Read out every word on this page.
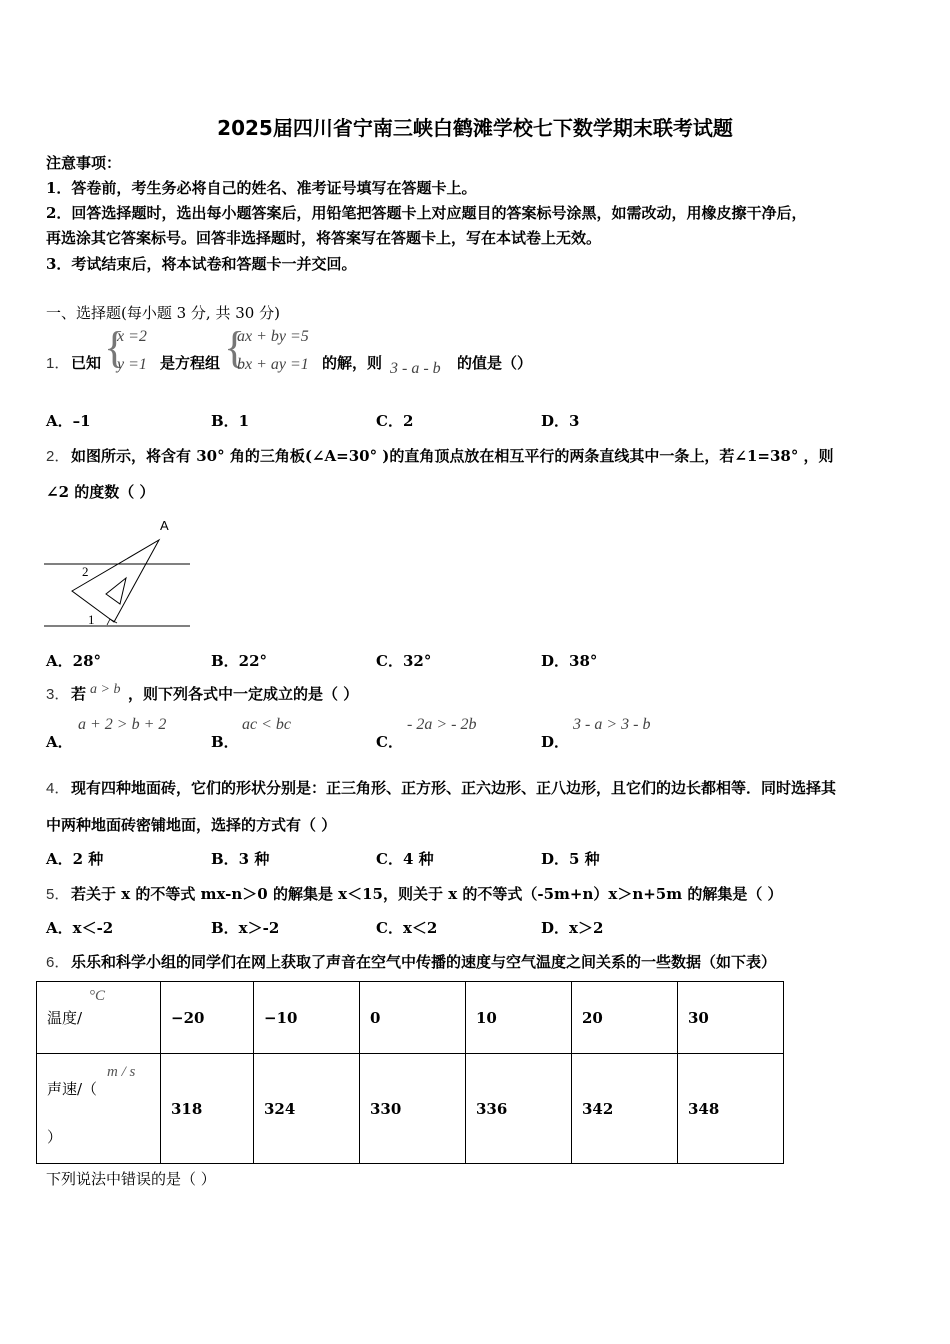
2025届四川省宁南三峡白鹤滩学校七下数学期末联考试题
注意事项：
1．答卷前，考生务必将自己的姓名、准考证号填写在答题卡上。
2．回答选择题时，选出每小题答案后，用铅笔把答题卡上对应题目的答案标号涂黑，如需改动，用橡皮擦干净后，
再选涂其它答案标号。回答非选择题时，将答案写在答题卡上，写在本试卷上无效。
3．考试结束后，将本试卷和答题卡一并交回。
一、选择题(每小题 3 分, 共 30 分)
1． 已知 {
x =2
y =1 是方程组 {
ax + by =5
bx + ay =1 的解，则 3 - a - b 的值是（）
A．–1	B．1	C．2	D．3
2． 如图所示，将含有 30° 角的三角板(∠A=30° )的直角顶点放在相互平行的两条直线其中一条上，若∠1=38° ，则
∠2 的度数（ ）
A
2
1
A．28°	B．22°	C．32°	D．38°
3． 若 a > b ，则下列各式中一定成立的是（ ）
A．
a + 2 > b + 2
B．
ac < bc
C．
- 2a > - 2b
D．
3 - a > 3 - b
4． 现有四种地面砖，它们的形状分别是：正三角形、正方形、正六边形、正八边形，且它们的边长都相等．同时选择其
中两种地面砖密铺地面，选择的方式有（ ）
A．2 种	B．3 种	C．4 种	D．5 种
5． 若关于 x 的不等式 mx-n＞0 的解集是 x＜15，则关于 x 的不等式（-5m+n）x＞n+5m 的解集是（ ）
A．x＜-2	B．x＞-2	C．x＜2	D．x＞2
6． 乐乐和科学小组的同学们在网上获取了声音在空气中传播的速度与空气温度之间关系的一些数据（如下表）
温度/
°C	−20	−10	0	10	20	30

声速/（
m / s
）	318	324	330	336	342	348
下列说法中错误的是（ ）
